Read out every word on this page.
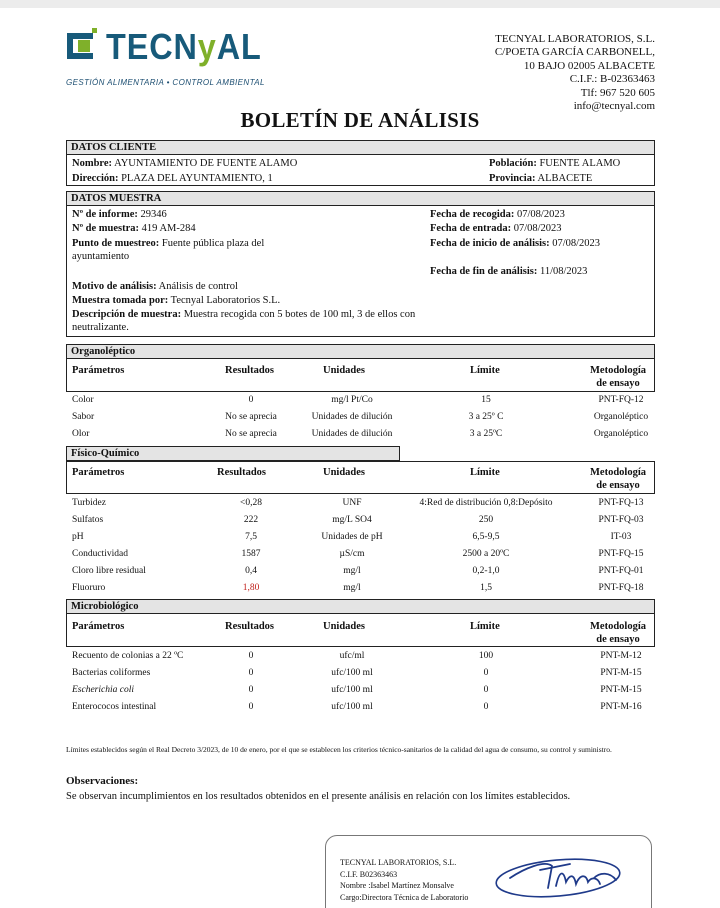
TECNyAL
GESTIÓN ALIMENTARIA • CONTROL AMBIENTAL
TECNYAL LABORATORIOS, S.L.
C/POETA GARCÍA CARBONELL,
10 BAJO 02005 ALBACETE
C.I.F.: B-02363463
Tlf: 967 520 605
info@tecnyal.com
BOLETÍN DE ANÁLISIS
DATOS CLIENTE
Nombre: AYUNTAMIENTO DE FUENTE ALAMO
Dirección: PLAZA DEL AYUNTAMIENTO, 1
Población: FUENTE ALAMO
Provincia: ALBACETE
DATOS MUESTRA
Nº de informe: 29346
Nº de muestra: 419 AM-284
Punto de muestreo: Fuente pública plaza del ayuntamiento
Fecha de recogida: 07/08/2023
Fecha de entrada: 07/08/2023
Fecha de inicio de análisis: 07/08/2023
Fecha de fin de análisis: 11/08/2023
Motivo de análisis: Análisis de control
Muestra tomada por: Tecnyal Laboratorios S.L.
Descripción de muestra: Muestra recogida con 5 botes de 100 ml, 3 de ellos con neutralizante.
Organoléptico
Parámetros	Resultados	Unidades	Límite	Metodología
de ensayo
Color	0	mg/l Pt/Co	15	PNT-FQ-12
Sabor	No se aprecia	Unidades de dilución	3 a 25º C	Organoléptico
Olor	No se aprecia	Unidades de dilución	3 a 25ºC	Organoléptico
Físico-Químico
Parámetros	Resultados	Unidades	Límite	Metodología
de ensayo
Turbidez	<0,28	UNF	4:Red de distribución 0,8:Depósito	PNT-FQ-13
Sulfatos	222	mg/L SO4	250	PNT-FQ-03
pH	7,5	Unidades de pH	6,5-9,5	IT-03
Conductividad	1587	µS/cm	2500 a 20ºC	PNT-FQ-15
Cloro libre residual	0,4	mg/l	0,2-1,0	PNT-FQ-01
Fluoruro	1,80	mg/l	1,5	PNT-FQ-18
Microbiológico
Parámetros	Resultados	Unidades	Límite	Metodología
de ensayo
Recuento de colonias a 22 ºC	0	ufc/ml	100	PNT-M-12
Bacterias coliformes	0	ufc/100 ml	0	PNT-M-15
Escherichia coli	0	ufc/100 ml	0	PNT-M-15
Enterococos intestinal	0	ufc/100 ml	0	PNT-M-16
Límites establecidos según el Real Decreto 3/2023, de 10 de enero, por el que se establecen los criterios técnico-sanitarios de la calidad del agua de consumo, su control y suministro.
Observaciones:
Se observan incumplimientos en los resultados obtenidos en el presente análisis en relación con los límites establecidos.
TECNYAL LABORATORIOS, S.L.
C.I.F. B02363463
Nombre :Isabel Martínez Monsalve
Cargo:Directora Técnica de Laboratorio
